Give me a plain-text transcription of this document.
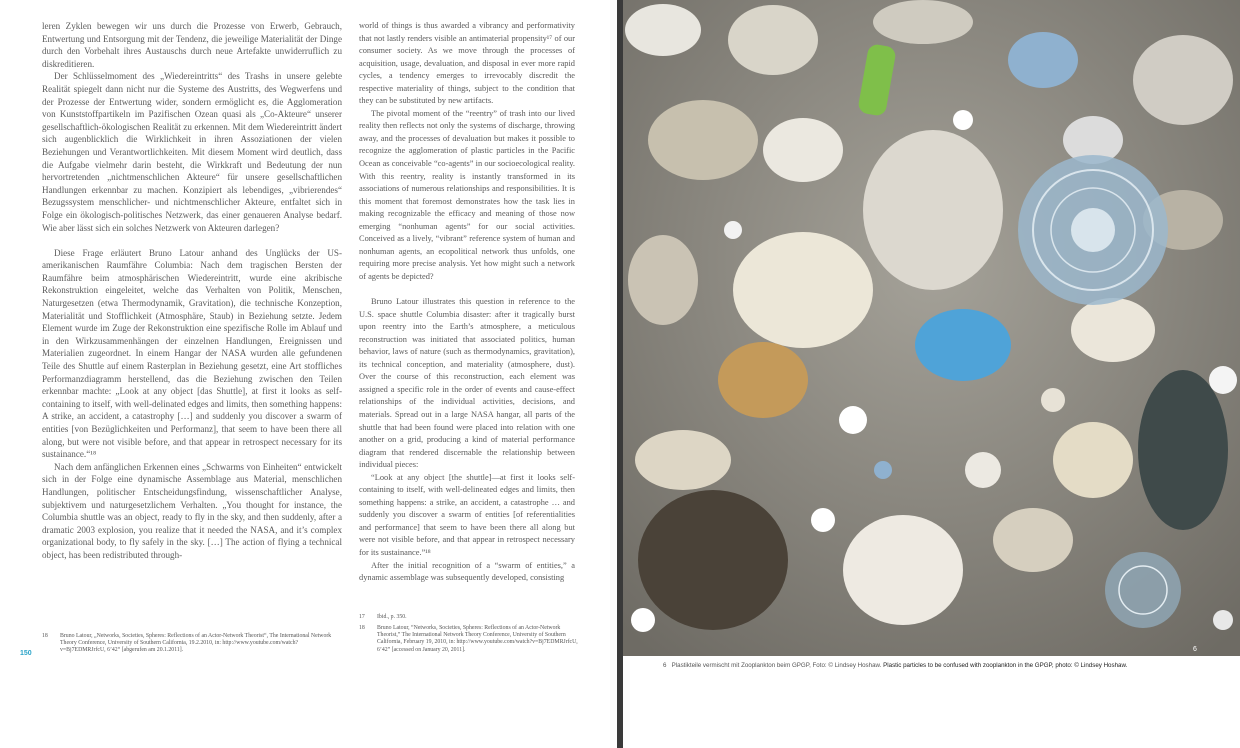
leren Zyklen bewegen wir uns durch die Prozesse von Erwerb, Gebrauch, Entwertung und Entsorgung mit der Tendenz, die jeweilige Materialität der Dinge durch den Vorbehalt ihres Austauschs durch neue Artefakte unwiderruflich zu diskreditieren.

Der Schlüsselmoment des „Wiedereintritts“ des Trashs in unsere gelebte Realität spiegelt dann nicht nur die Systeme des Austritts, des Wegwerfens und der Prozesse der Entwertung wider, sondern ermöglicht es, die Agglomeration von Kunststoffpartikeln im Pazifischen Ozean quasi als „Co-Akteure“ unserer gesellschaftlich-ökologischen Realität zu erkennen. Mit dem Wiedereintritt ändert sich augenblicklich die Wirklichkeit in ihren Assoziationen der vielen Beziehungen und Verantwortlichkeiten. Mit diesem Moment wird deutlich, dass die Aufgabe vielmehr darin besteht, die Wirkkraft und Bedeutung der nun hervortretenden „nichtmenschlichen Akteure“ für unsere gesellschaftlichen Handlungen erkennbar zu machen. Konzipiert als lebendiges, „vibrierendes“ Bezugssystem menschlicher- und nichtmenschlicher Akteure, entfaltet sich in Folge ein ökologisch-politisches Netzwerk, das einer genaueren Analyse bedarf. Wie aber lässt sich ein solches Netzwerk von Akteuren darlegen?

Diese Frage erläutert Bruno Latour anhand des Unglücks der US-amerikanischen Raumfähre Columbia: Nach dem tragischen Bersten der Raumfähre beim atmosphärischen Wiedereintritt, wurde eine akribische Rekonstruktion eingeleitet, welche das Verhalten von Politik, Menschen, Naturgesetzen (etwa Thermodynamik, Gravitation), die technische Konzeption, Materialität und Stofflichkeit (Atmosphäre, Staub) in Beziehung setzte. Jedem Element wurde im Zuge der Rekonstruktion eine spezifische Rolle im Ablauf und in den Wirkzusammenhängen der einzelnen Handlungen, Ereignissen und Materialien zugeordnet. In einem Hangar der NASA wurden alle gefundenen Teile des Shuttle auf einem Rasterplan in Beziehung gesetzt, eine Art stoffliches Performanzdiagramm herstellend, das die Beziehung zwischen den Teilen erkennbar machte: „Look at any object [das Shuttle], at first it looks as self-containing to itself, with well-delinated edges and limits, then something happens: A strike, an accident, a catastrophy […] and suddenly you discover a swarm of entities [von Bezüglichkeiten und Performanz], that seem to have been there all along, but were not visible before, and that appear in retrospect necessary for its sustainance.“¹⁸

Nach dem anfänglichen Erkennen eines „Schwarms von Einheiten“ entwickelt sich in der Folge eine dynamische Assemblage aus Material, menschlichen Handlungen, politischer Entscheidungsfindung, wissenschaftlicher Analyse, subjektivem und naturgesetzlichem Verhalten. „You thought for instance, the Columbia shuttle was an object, ready to fly in the sky, and then suddenly, after a dramatic 2003 explosion, you realize that it needed the NASA, and it’s complex organizational body, to fly safely in the sky. […] The action of flying a technical object, has been redistributed through-

world of things is thus awarded a vibrancy and performativity that not lastly renders visible an antimaterial propensity¹⁷ of our consumer society. As we move through the processes of acquisition, usage, devaluation, and disposal in ever more rapid cycles, a tendency emerges to irrevocably discredit the respective materiality of things, subject to the condition that they can be substituted by new artifacts.

The pivotal moment of the “reentry” of trash into our lived reality then reflects not only the systems of discharge, throwing away, and the processes of devaluation but makes it possible to recognize the agglomeration of plastic particles in the Pacific Ocean as conceivable “co-agents” in our socioecological reality. With this reentry, reality is instantly transformed in its associations of numerous relationships and responsibilities. It is this moment that foremost demonstrates how the task lies in making recognizable the efficacy and meaning of those now emerging “nonhuman agents” for our social activities. Conceived as a lively, “vibrant” reference system of human and nonhuman agents, an ecopolitical network thus unfolds, one requiring more precise analysis. Yet how might such a network of agents be depicted?

Bruno Latour illustrates this question in reference to the U.S. space shuttle Columbia disaster: after it tragically burst upon reentry into the Earth’s atmosphere, a meticulous reconstruction was initiated that associated politics, human behavior, laws of nature (such as thermodynamics, gravitation), its technical conception, and materiality (atmosphere, dust). Over the course of this reconstruction, each element was assigned a specific role in the order of events and cause-effect relationships of the individual activities, decisions, and materials. Spread out in a large NASA hangar, all parts of the shuttle that had been found were placed into relation with one another on a grid, producing a kind of material performance diagram that rendered discernable the relationship between individual pieces:

“Look at any object [the shuttle]—at first it looks self-containing to itself, with well-delineated edges and limits, then something happens: a strike, an accident, a catastrophe … and suddenly you discover a swarm of entities [of referentialities and performance] that seem to have been there all along but were not visible before, and that appear in retrospect necessary for its sustainance.”¹⁸

After the initial recognition of a “swarm of entities,” a dynamic assemblage was subsequently developed, consisting

18	Bruno Latour, „Networks, Societies, Spheres: Reflections of an Actor-Network Theorist“, The International Network Theory Conference, University of Southern California, 19.2.2010, in: http://www.youtube.com/watch?v=Bj7EDMRJrfcU, 6’42“ [abgerufen am 20.1.2011].
17	Ibid., p. 350.
18	Bruno Latour, “Networks, Societies, Spheres: Reflections of an Actor-Network Theorist,” The International Network Theory Conference, University of Southern California, February 19, 2010, in: http://www.youtube.com/watch?v=Bj7EDMRJrfcU, 6’42” [accessed on January 20, 2011].
150
6
6 Plastikteile vermischt mit Zooplankton beim GPGP, Foto: © Lindsey Hoshaw. Plastic particles to be confused with zooplankton in the GPGP, photo: © Lindsey Hoshaw.
